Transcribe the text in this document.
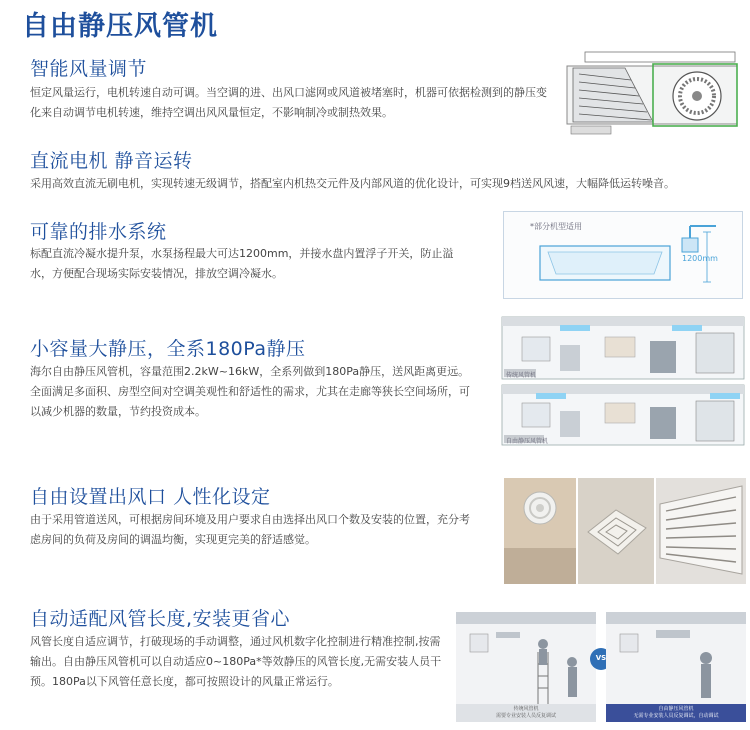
自由静压风管机
智能风量调节
恒定风量运行，电机转速自动可调。当空调的进、出风口滤网或风道被堵塞时，机器可依据检测到的静压变化来自动调节电机转速，维持空调出风风量恒定，不影响制冷或制热效果。
直流电机 静音运转
采用高效直流无刷电机，实现转速无级调节，搭配室内机热交元件及内部风道的优化设计，可实现9档送风风速，大幅降低运转噪音。
可靠的排水系统
标配直流冷凝水提升泵，水泵扬程最大可达1200mm，并接水盘内置浮子开关，防止溢水，方便配合现场实际安装情况，排放空调冷凝水。
*部分机型适用
1200mm
小容量大静压，全系180Pa静压
海尔自由静压风管机，容量范围2.2kW~16kW，全系列做到180Pa静压，送风距离更远。全面满足多面积、房型空间对空调美观性和舒适性的需求，尤其在走廊等狭长空间场所，可以减少机器的数量，节约投资成本。
传统风管机
自由静压风管机
自由设置出风口 人性化设定
由于采用管道送风，可根据房间环境及用户要求自由选择出风口个数及安装的位置，充分考虑房间的负荷及房间的调温均衡，实现更完美的舒适感觉。
自动适配风管长度,安装更省心
风管长度自适应调节，打破现场的手动调整，通过风机数字化控制进行精准控制,按需输出。自由静压风管机可以自动适应0~180Pa*等效静压的风管长度,无需安装人员干预。180Pa以下风管任意长度，都可按照设计的风量正常运行。
传统风管机
需要专业安装人员反复调试
VS
自由静压风管机
无需专业安装人员反复调试，自动调试
